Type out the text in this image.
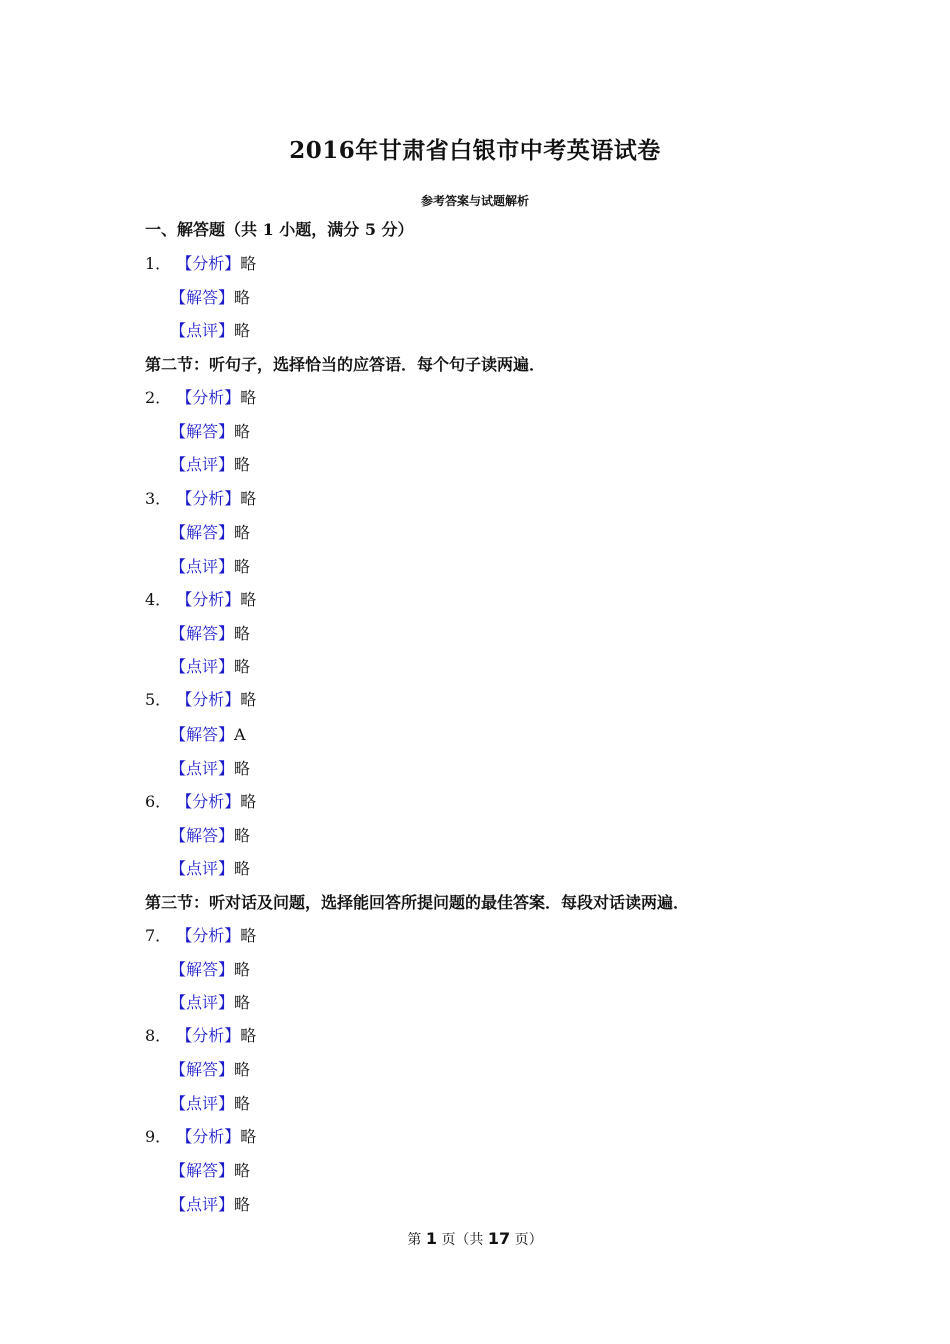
2016年甘肃省白银市中考英语试卷
参考答案与试题解析
一、解答题（共 1 小题，满分 5 分）
1． 【分析】略
【解答】略
【点评】略
第二节：听句子，选择恰当的应答语．每个句子读两遍．
2． 【分析】略
【解答】略
【点评】略
3． 【分析】略
【解答】略
【点评】略
4． 【分析】略
【解答】略
【点评】略
5． 【分析】略
【解答】A
【点评】略
6． 【分析】略
【解答】略
【点评】略
第三节：听对话及问题，选择能回答所提问题的最佳答案．每段对话读两遍．
7． 【分析】略
【解答】略
【点评】略
8． 【分析】略
【解答】略
【点评】略
9． 【分析】略
【解答】略
【点评】略
第 1 页（共 17 页）
